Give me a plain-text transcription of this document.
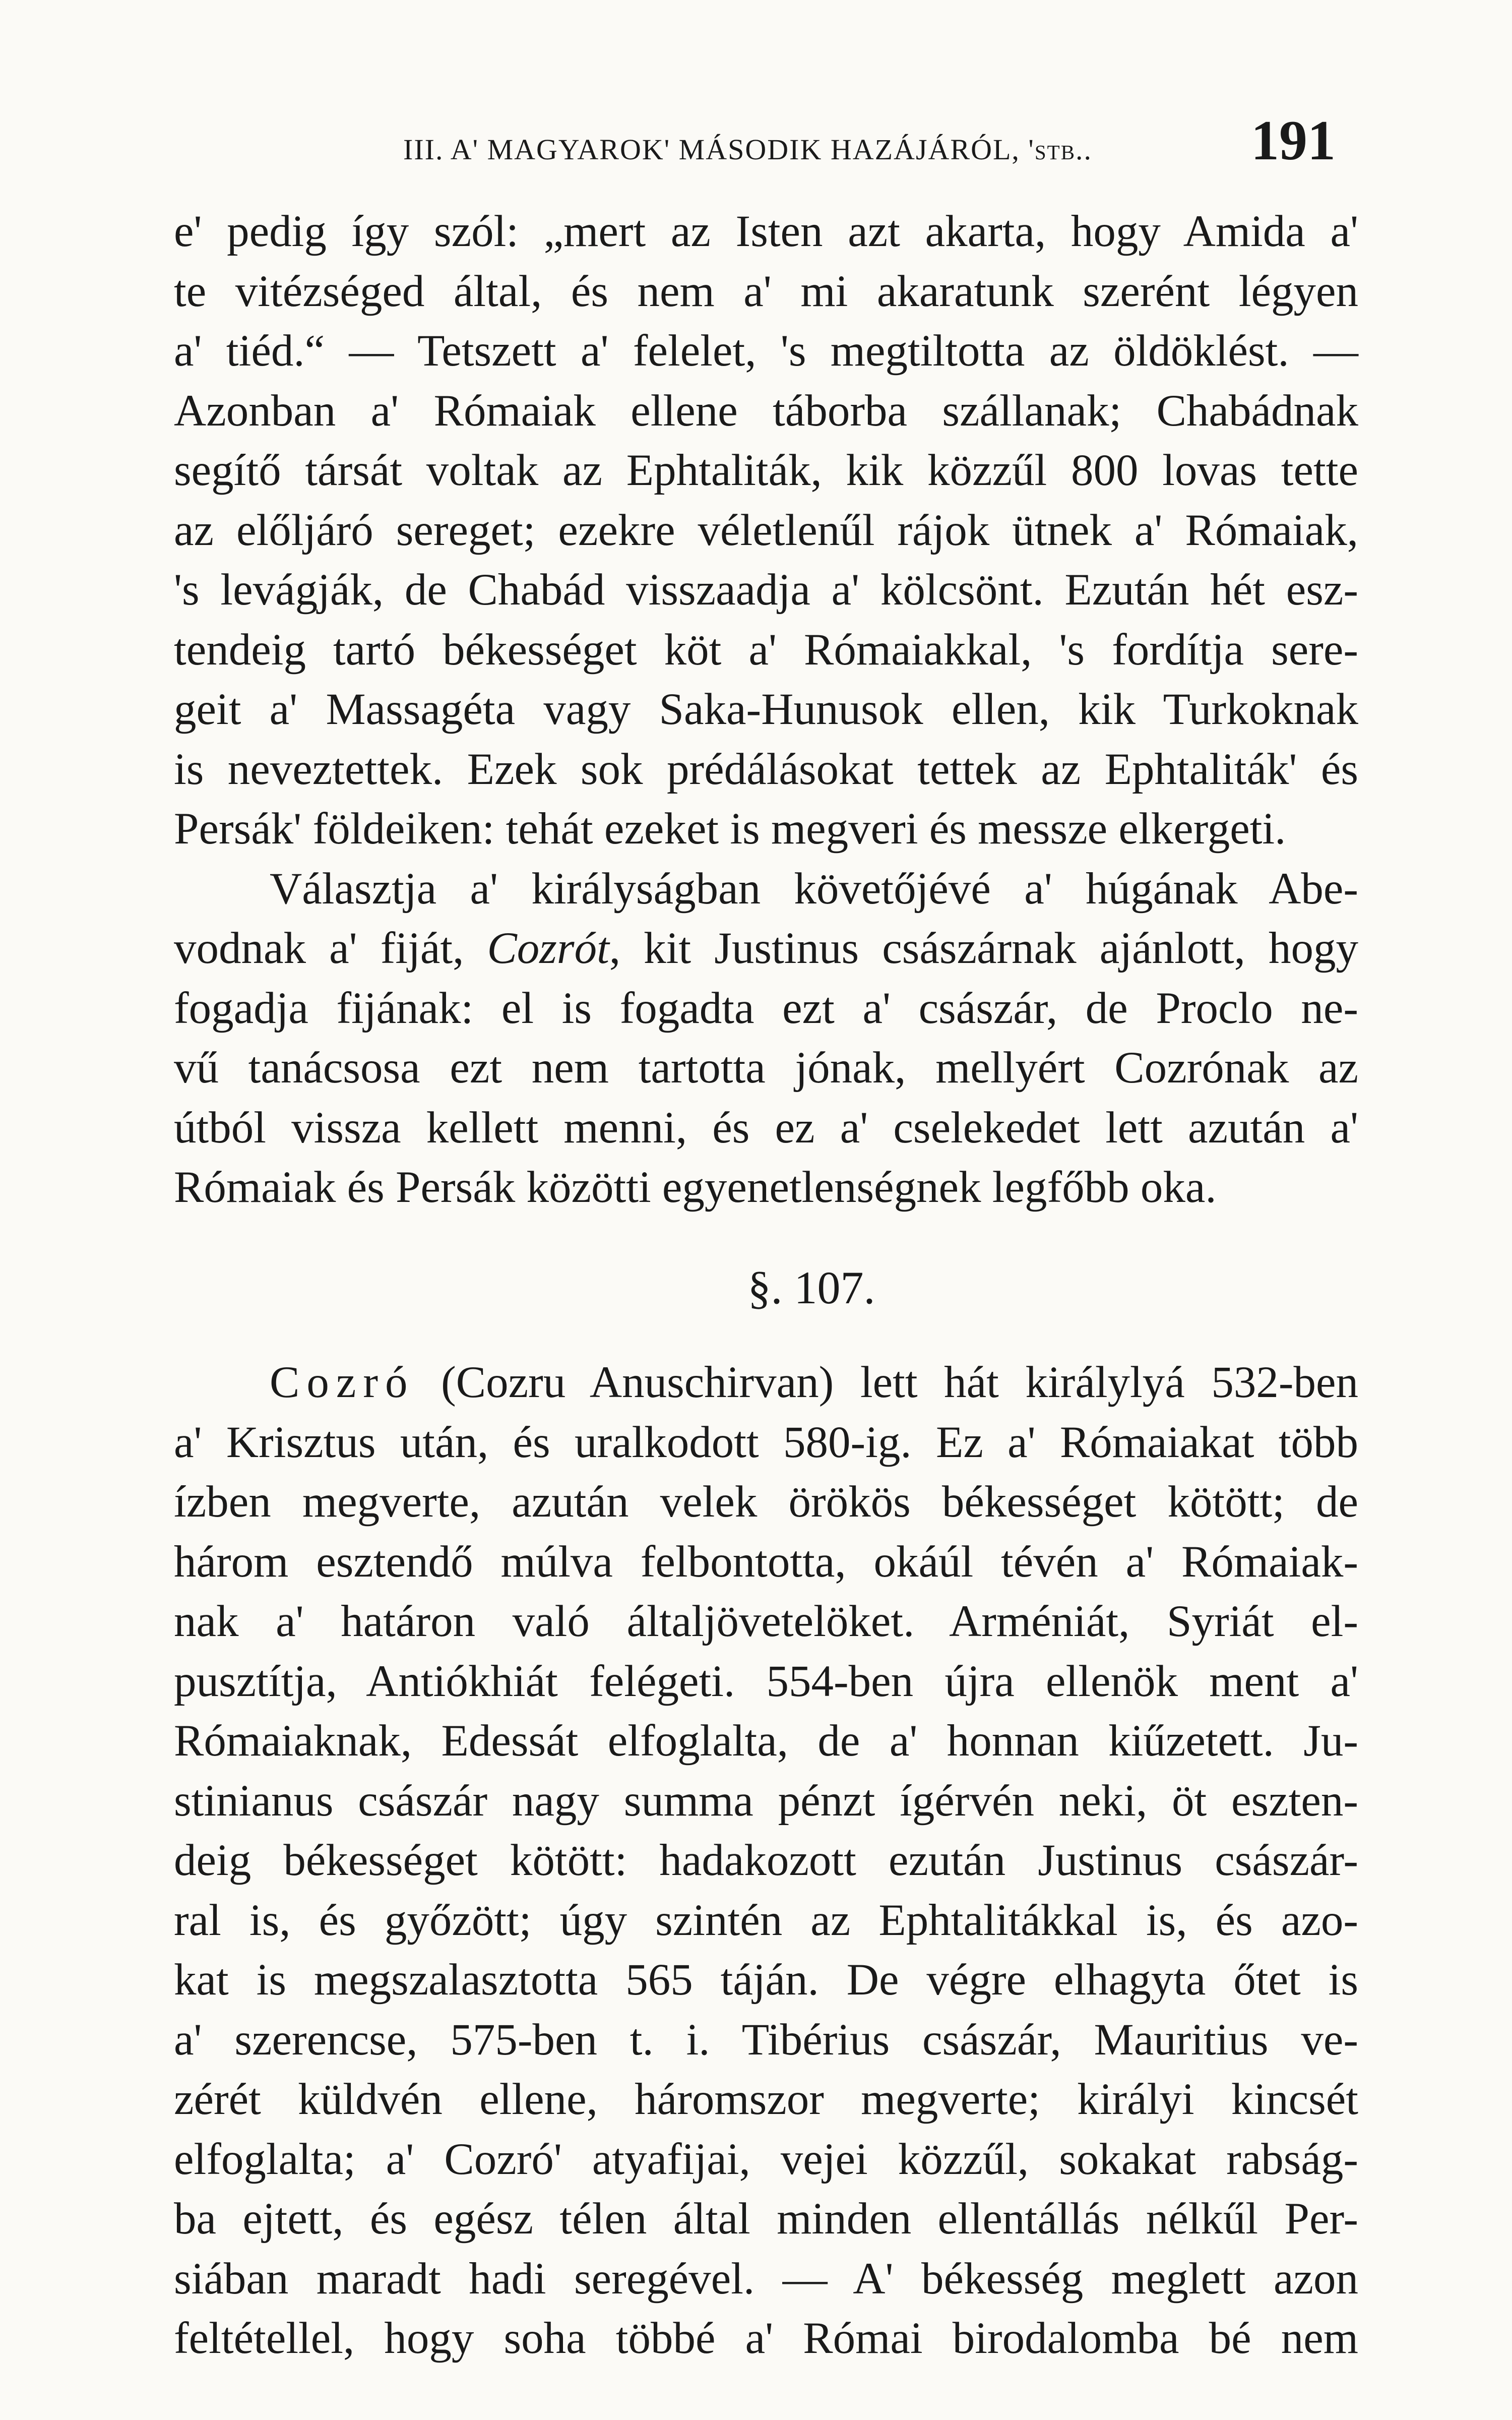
III. A' MAGYAROK' MÁSODIK HAZÁJÁRÓL, 'stb..	191
e' pedig így szól: „mert az Isten azt akarta, hogy Amida a'
te vitézséged által, és nem a' mi akaratunk szerént légyen
a' tiéd.“ — Tetszett a' felelet, 's megtiltotta az öldöklést. —
Azonban a' Rómaiak ellene táborba szállanak; Chabádnak
segítő társát voltak az Ephtaliták, kik közzűl 800 lovas tette
az előljáró sereget; ezekre véletlenűl rájok ütnek a' Rómaiak,
's levágják, de Chabád visszaadja a' kölcsönt. Ezután hét esz-
tendeig tartó békességet köt a' Rómaiakkal, 's fordítja sere-
geit a' Massagéta vagy Saka-Hunusok ellen, kik Turkoknak
is neveztettek. Ezek sok prédálásokat tettek az Ephtaliták' és
Persák' földeiken: tehát ezeket is megveri és messze elkergeti.
Választja a' királyságban követőjévé a' húgának Abe-
vodnak a' fiját, Cozrót, kit Justinus császárnak ajánlott, hogy
fogadja fijának: el is fogadta ezt a' császár, de Proclo ne-
vű tanácsosa ezt nem tartotta jónak, mellyért Cozrónak az
útból vissza kellett menni, és ez a' cselekedet lett azután a'
Rómaiak és Persák közötti egyenetlenségnek legfőbb oka.
§. 107.
Cozró (Cozru Anuschirvan) lett hát királylyá 532-ben
a' Krisztus után, és uralkodott 580-ig. Ez a' Rómaiakat több
ízben megverte, azután velek örökös békességet kötött; de
három esztendő múlva felbontotta, okáúl tévén a' Rómaiak-
nak a' határon való általjövetelöket. Arméniát, Syriát el-
pusztítja, Antiókhiát felégeti. 554-ben újra ellenök ment a'
Rómaiaknak, Edessát elfoglalta, de a' honnan kiűzetett. Ju-
stinianus császár nagy summa pénzt ígérvén neki, öt eszten-
deig békességet kötött: hadakozott ezután Justinus császár-
ral is, és győzött; úgy szintén az Ephtalitákkal is, és azo-
kat is megszalasztotta 565 táján. De végre elhagyta őtet is
a' szerencse, 575-ben t. i. Tibérius császár, Mauritius ve-
zérét küldvén ellene, háromszor megverte; királyi kincsét
elfoglalta; a' Cozró' atyafijai, vejei közzűl, sokakat rabság-
ba ejtett, és egész télen által minden ellentállás nélkűl Per-
siában maradt hadi seregével. — A' békesség meglett azon
feltétellel, hogy soha többé a' Római birodalomba bé nem
